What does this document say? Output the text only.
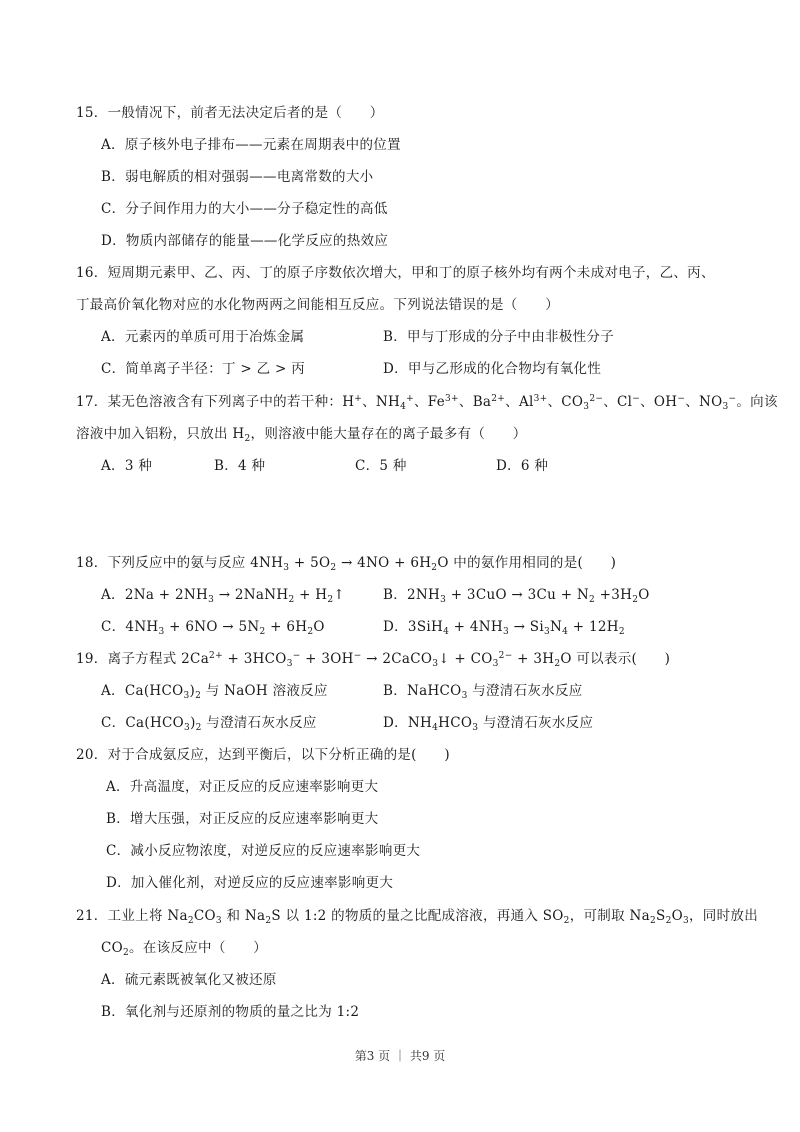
15．一般情况下，前者无法决定后者的是（　　）
A．原子核外电子排布——元素在周期表中的位置
B．弱电解质的相对强弱——电离常数的大小
C．分子间作用力的大小——分子稳定性的高低
D．物质内部储存的能量——化学反应的热效应
16．短周期元素甲、乙、丙、丁的原子序数依次增大，甲和丁的原子核外均有两个未成对电子，乙、丙、
丁最高价氧化物对应的水化物两两之间能相互反应。下列说法错误的是（　　）
A．元素丙的单质可用于冶炼金属	B．甲与丁形成的分子中由非极性分子
C．简单离子半径：丁 > 乙 > 丙	D．甲与乙形成的化合物均有氧化性
17．某无色溶液含有下列离子中的若干种：H+、$NH_4^+$、$Fe^{3+}$、$Ba^{2+}$、$Al^{3+}$、$CO_3^{2-}$、Cl−、OH−、$NO_3^-$。向该
溶液中加入铝粉，只放出 $H_2$，则溶液中能大量存在的离子最多有（　　）
A．3 种	B．4 种	C．5 种	D．6 种
18．下列反应中的氨与反应 $4NH_3 + 5O_2 \to 4NO + 6H_2O$ 中的氨作用相同的是(　　)
A．$2Na + 2NH_3$ → 2NaNH$_2$ + $H_2↑$	B．$2NH_3 + 3CuO \to 3Cu + N_2 +3H_2O$
C．$4NH_3 + 6NO \to 5N_2 + 6H_2O$	D．$3SiH_4 + 4NH_3 \to Si_3N_4 + 12H_2$
19．离子方程式 $2Ca^{2+} + 3HCO_3^- + 3OH^-$ → 2CaCO$_3$↓ + $CO_3^{2-} + 3H_2O$ 可以表示(　　)
A．$Ca(HCO_3)_2$ 与 NaOH 溶液反应	B．NaHCO$_3$ 与澄清石灰水反应
C．$Ca(HCO_3)_2$ 与澄清石灰水反应	D．$NH_4HCO_3$ 与澄清石灰水反应
20．对于合成氨反应，达到平衡后，以下分析正确的是(　　)
A．升高温度，对正反应的反应速率影响更大
B．增大压强，对正反应的反应速率影响更大
C．减小反应物浓度，对逆反应的反应速率影响更大
D．加入催化剂，对逆反应的反应速率影响更大
21．工业上将 $Na_2CO_3$ 和 $Na_2S$ 以 1:2 的物质的量之比配成溶液，再通入 $SO_2$，可制取 $Na_2S_2O_3$，同时放出
$CO_2$。在该反应中（　　）
A．硫元素既被氧化又被还原
B．氧化剂与还原剂的物质的量之比为 1:2
第3 页 ｜ 共9 页
